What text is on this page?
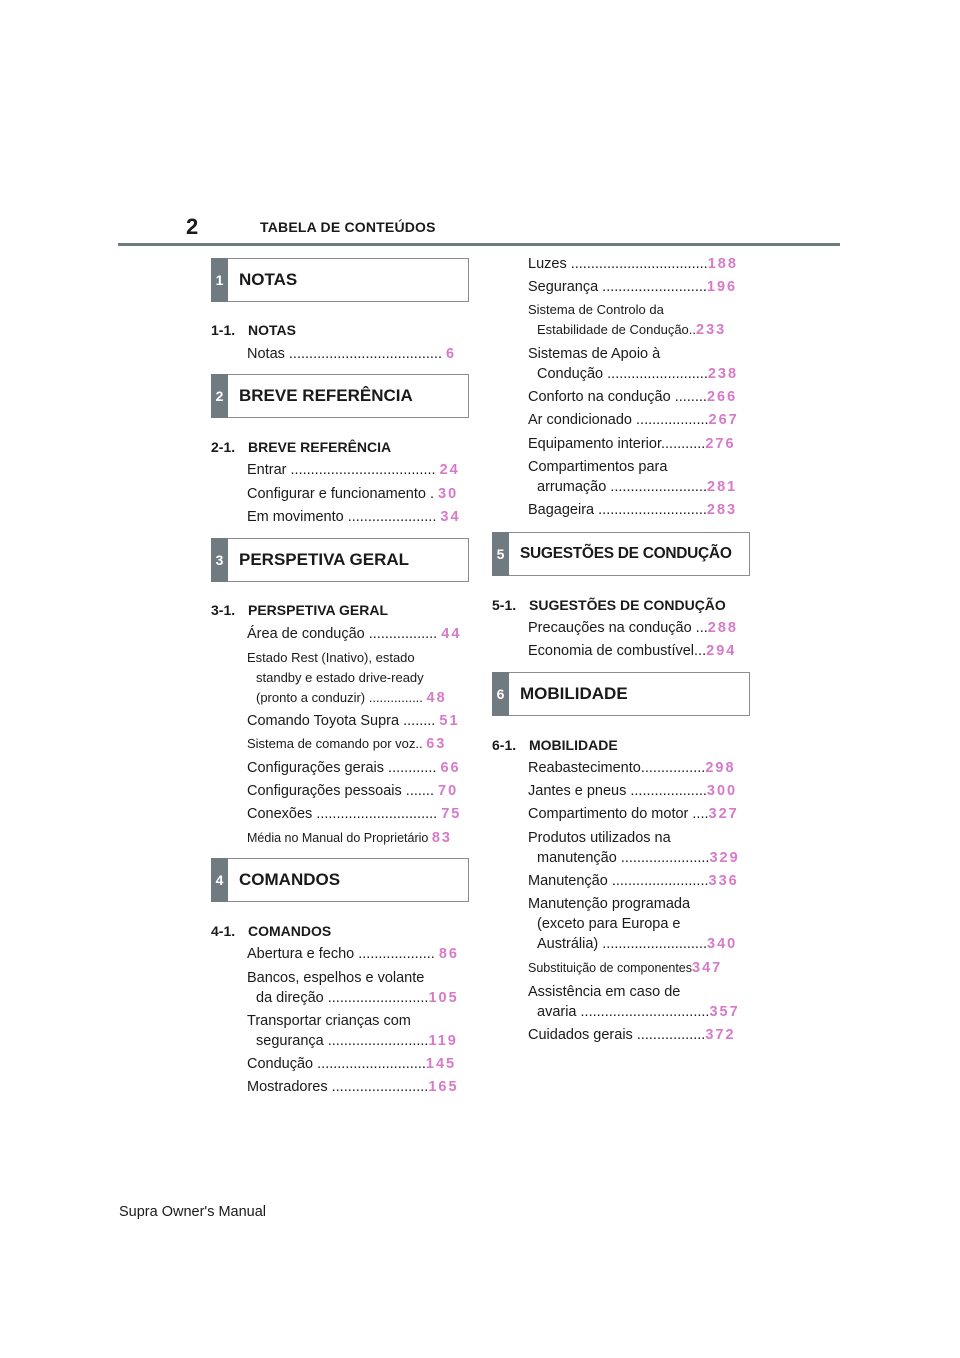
2	TABELA DE CONTEÚDOS
1 NOTAS
1-1. NOTAS
Notas ...................................... 6
2 BREVE REFERÊNCIA
2-1. BREVE REFERÊNCIA
Entrar .................................... 24
Configurar e funcionamento . 30
Em movimento ...................... 34
3 PERSPETIVA GERAL
3-1. PERSPETIVA GERAL
Área de condução ................. 44
Estado Rest (Inativo), estado
standby e estado drive-ready
(pronto a conduzir) ............... 48
Comando Toyota Supra ........ 51
Sistema de comando por voz.. 63
Configurações gerais ............ 66
Configurações pessoais ....... 70
Conexões .............................. 75
Média no Manual do Proprietário 83
4 COMANDOS
4-1. COMANDOS
Abertura e fecho ................... 86
Bancos, espelhos e volante
da direção .........................105
Transportar crianças com
segurança .........................119
Condução ...........................145
Mostradores ........................165
Luzes ..................................188
Segurança ..........................196
Sistema de Controlo da
Estabilidade de Condução..233
Sistemas de Apoio à
Condução .........................238
Conforto na condução ........266
Ar condicionado ..................267
Equipamento interior...........276
Compartimentos para
arrumação ........................281
Bagageira ...........................283
5 SUGESTÕES DE CONDUÇÃO
5-1. SUGESTÕES DE CONDUÇÃO
Precauções na condução ...288
Economia de combustível...294
6 MOBILIDADE
6-1. MOBILIDADE
Reabastecimento................298
Jantes e pneus ...................300
Compartimento do motor ....327
Produtos utilizados na
manutenção ......................329
Manutenção ........................336
Manutenção programada
(exceto para Europa e
Austrália) ..........................340
Substituição de componentes347
Assistência em caso de
avaria ................................357
Cuidados gerais .................372
Supra Owner's Manual
